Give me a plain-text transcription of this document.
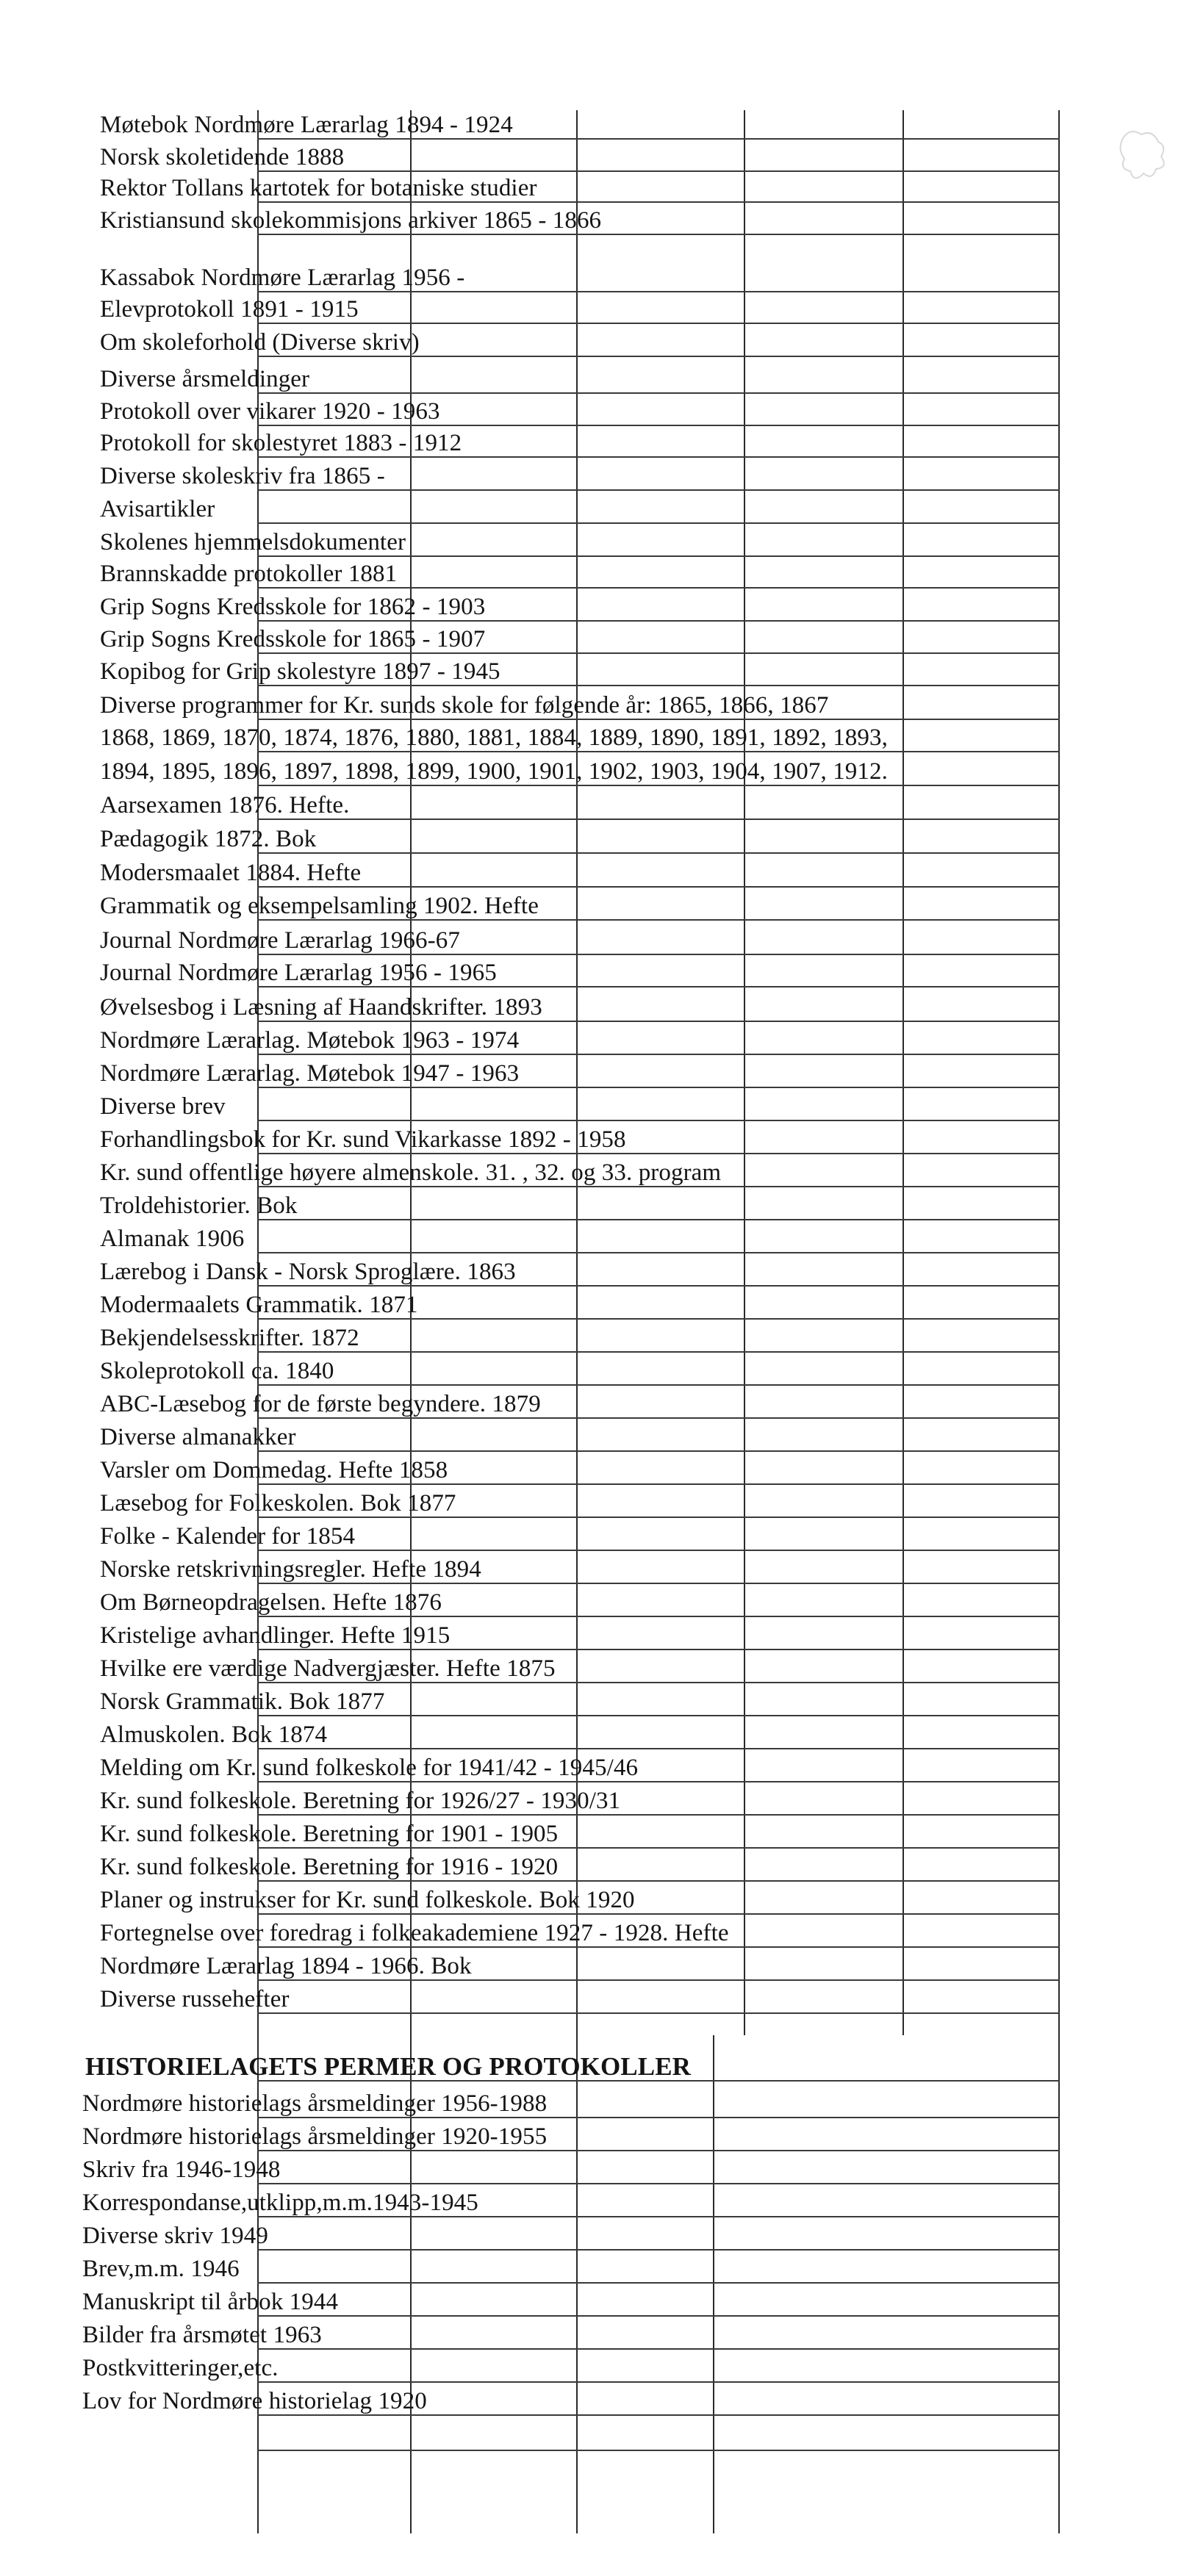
Møtebok Nordmøre Lærarlag 1894 - 1924
Norsk skoletidende 1888
Rektor Tollans kartotek for botaniske studier
Kristiansund skolekommisjons arkiver 1865 - 1866
Kassabok Nordmøre Lærarlag 1956 -
Elevprotokoll 1891 - 1915
Om skoleforhold (Diverse skriv)
Diverse årsmeldinger
Protokoll over vikarer 1920 - 1963
Protokoll for skolestyret 1883 - 1912
Diverse skoleskriv fra 1865 -
Avisartikler
Skolenes hjemmelsdokumenter
Brannskadde protokoller 1881
Grip Sogns Kredsskole for 1862 - 1903
Grip Sogns Kredsskole for 1865 - 1907
Kopibog for Grip skolestyre 1897 - 1945
Diverse programmer for Kr. sunds skole for følgende år: 1865, 1866, 1867
1868, 1869, 1870, 1874, 1876, 1880, 1881, 1884, 1889, 1890, 1891, 1892, 1893,
1894, 1895, 1896, 1897, 1898, 1899, 1900, 1901, 1902, 1903, 1904, 1907, 1912.
Aarsexamen 1876. Hefte.
Pædagogik 1872. Bok
Modersmaalet 1884. Hefte
Grammatik og eksempelsamling 1902. Hefte
Journal Nordmøre Lærarlag 1966-67
Journal Nordmøre Lærarlag 1956 - 1965
Øvelsesbog i Læsning af Haandskrifter. 1893
Nordmøre Lærarlag. Møtebok 1963 - 1974
Nordmøre Lærarlag. Møtebok 1947 - 1963
Diverse brev
Forhandlingsbok for Kr. sund Vikarkasse 1892 - 1958
Kr. sund offentlige høyere almenskole. 31. , 32. og 33. program
Troldehistorier. Bok
Almanak 1906
Lærebog i Dansk - Norsk Sproglære. 1863
Modermaalets Grammatik. 1871
Bekjendelsesskrifter. 1872
Skoleprotokoll ca. 1840
ABC-Læsebog for de første begyndere. 1879
Diverse almanakker
Varsler om Dommedag. Hefte 1858
Læsebog for Folkeskolen. Bok 1877
Folke - Kalender for 1854
Norske retskrivningsregler. Hefte 1894
Om Børneopdragelsen. Hefte 1876
Kristelige avhandlinger. Hefte 1915
Hvilke ere værdige Nadvergjæster. Hefte 1875
Norsk Grammatik. Bok 1877
Almuskolen. Bok 1874
Melding om Kr. sund folkeskole for 1941/42 - 1945/46
Kr. sund folkeskole. Beretning for 1926/27 - 1930/31
Kr. sund folkeskole. Beretning for 1901 - 1905
Kr. sund folkeskole. Beretning for 1916 - 1920
Planer og instrukser for Kr. sund folkeskole. Bok 1920
Fortegnelse over foredrag i folkeakademiene 1927 - 1928. Hefte
Nordmøre Lærarlag 1894 - 1966. Bok
Diverse russehefter
HISTORIELAGETS PERMER OG PROTOKOLLER
Nordmøre historielags årsmeldinger 1956-1988
Nordmøre historielags årsmeldinger 1920-1955
Skriv fra 1946-1948
Korrespondanse,utklipp,m.m.1943-1945
Diverse skriv 1949
Brev,m.m. 1946
Manuskript til årbok 1944
Bilder fra årsmøtet 1963
Postkvitteringer,etc.
Lov for Nordmøre historielag 1920
